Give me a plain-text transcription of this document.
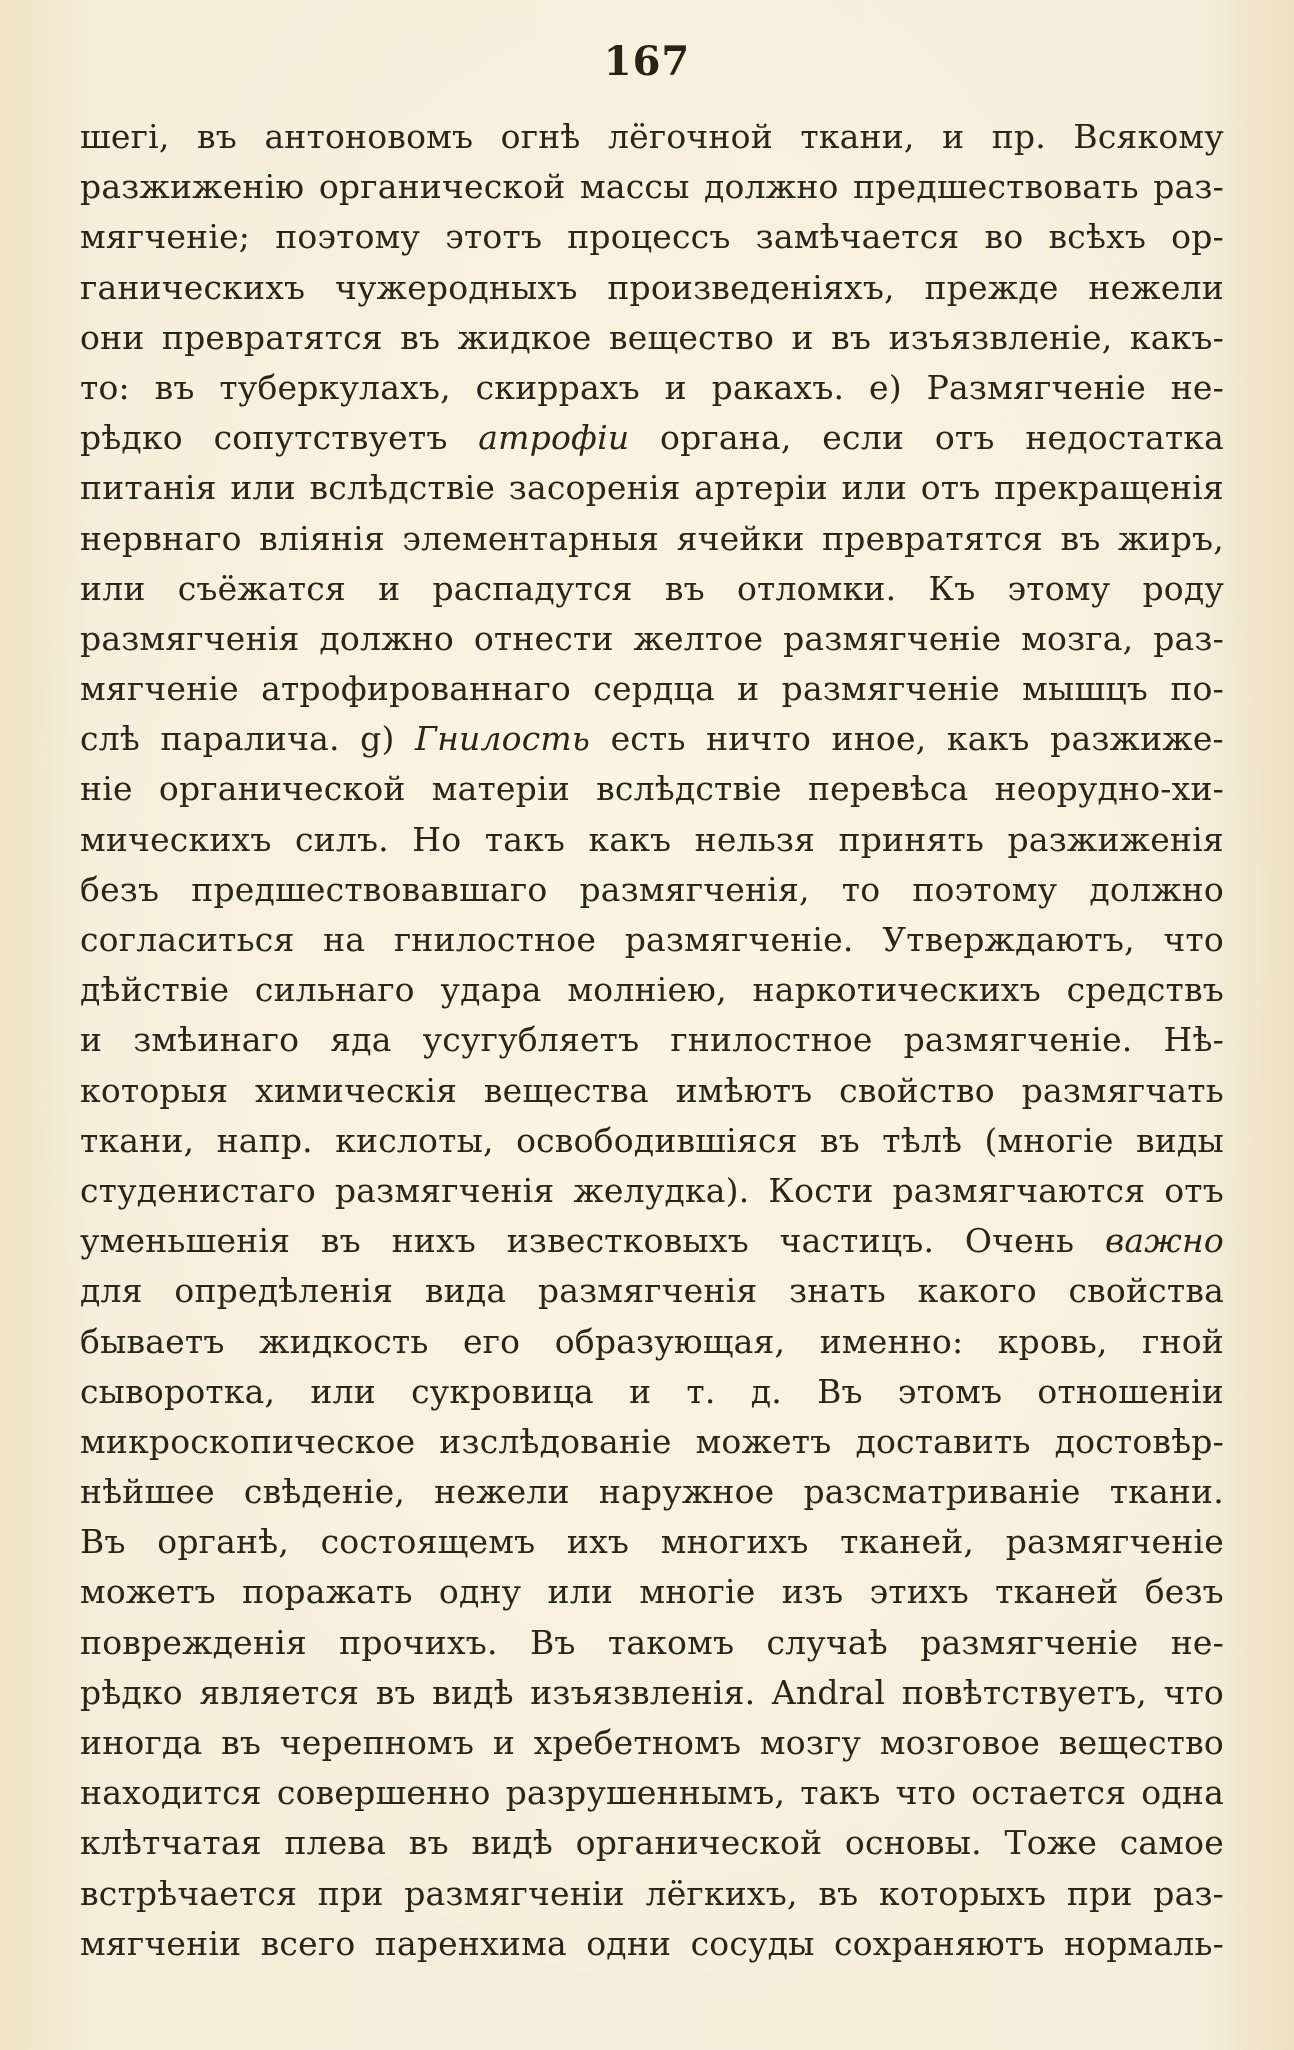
167
шегі, въ антоновомъ огнѣ лёгочной ткани, и пр. Всякому
разжиженію органической массы должно предшествовать раз-
мягченіе; поэтому этотъ процессъ замѣчается во всѣхъ ор-
ганическихъ чужеродныхъ произведеніяхъ, прежде нежели
они превратятся въ жидкое вещество и въ изъязвленіе, какъ-
то: въ туберкулахъ, скиррахъ и ракахъ. е) Размягченіе не-
рѣдко сопутствуетъ атрофіи органа, если отъ недостатка
питанія или вслѣдствіе засоренія артеріи или отъ прекращенія
нервнаго вліянія элементарныя ячейки превратятся въ жиръ,
или съёжатся и распадутся въ отломки. Къ этому роду
размягченія должно отнести желтое размягченіе мозга, раз-
мягченіе атрофированнаго сердца и размягченіе мышцъ по-
слѣ паралича. g) Гнилость есть ничто иное, какъ разжиже-
ніе органической матеріи вслѣдствіе перевѣса неорудно-хи-
мическихъ силъ. Но такъ какъ нельзя принять разжиженія
безъ предшествовавшаго размягченія, то поэтому должно
согласиться на гнилостное размягченіе. Утверждаютъ, что
дѣйствіе сильнаго удара молніею, наркотическихъ средствъ
и змѣинаго яда усугубляетъ гнилостное размягченіе. Нѣ-
которыя химическія вещества имѣютъ свойство размягчать
ткани, напр. кислоты, освободившіяся въ тѣлѣ (многіе виды
студенистаго размягченія желудка). Кости размягчаются отъ
уменьшенія въ нихъ известковыхъ частицъ. Очень важно
для опредѣленія вида размягченія знать какого свойства
бываетъ жидкость его образующая, именно: кровь, гной
сыворотка, или сукровица и т. д. Въ этомъ отношеніи
микроскопическое изслѣдованіе можетъ доставить достовѣр-
нѣйшее свѣденіе, нежели наружное разсматриваніе ткани.
Въ органѣ, состоящемъ ихъ многихъ тканей, размягченіе
можетъ поражать одну или многіе изъ этихъ тканей безъ
поврежденія прочихъ. Въ такомъ случаѣ размягченіе не-
рѣдко является въ видѣ изъязвленія. Andral повѣтствуетъ, что
иногда въ черепномъ и хребетномъ мозгу мозговое вещество
находится совершенно разрушеннымъ, такъ что остается одна
клѣтчатая плева въ видѣ органической основы. Тоже самое
встрѣчается при размягченіи лёгкихъ, въ которыхъ при раз-
мягченіи всего паренхима одни сосуды сохраняютъ нормаль-
